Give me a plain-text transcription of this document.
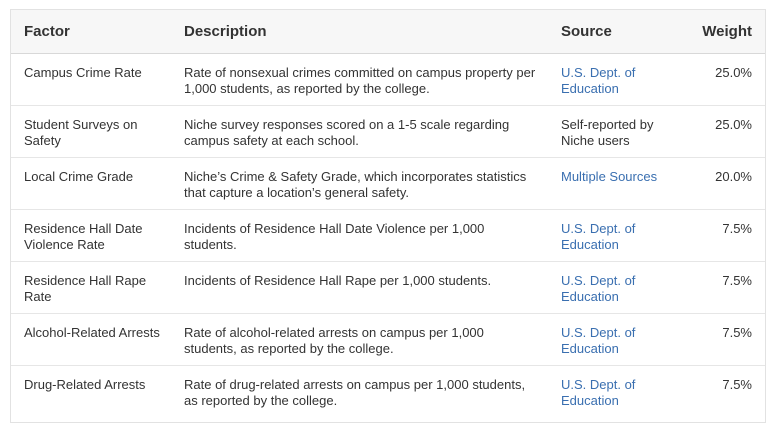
Factor	Description	Source	Weight
Campus Crime Rate	Rate of nonsexual crimes committed on campus property per 1,000 students, as reported by the college.	U.S. Dept. of Education	25.0%
Student Surveys on Safety	Niche survey responses scored on a 1-5 scale regarding campus safety at each school.	Self-reported by Niche users	25.0%
Local Crime Grade	Niche’s Crime & Safety Grade, which incorporates statistics that capture a location’s general safety.	Multiple Sources	20.0%
Residence Hall Date Violence Rate	Incidents of Residence Hall Date Violence per 1,000 students.	U.S. Dept. of Education	7.5%
Residence Hall Rape Rate	Incidents of Residence Hall Rape per 1,000 students.	U.S. Dept. of Education	7.5%
Alcohol-Related Arrests	Rate of alcohol-related arrests on campus per 1,000 students, as reported by the college.	U.S. Dept. of Education	7.5%
Drug-Related Arrests	Rate of drug-related arrests on campus per 1,000 students, as reported by the college.	U.S. Dept. of Education	7.5%
